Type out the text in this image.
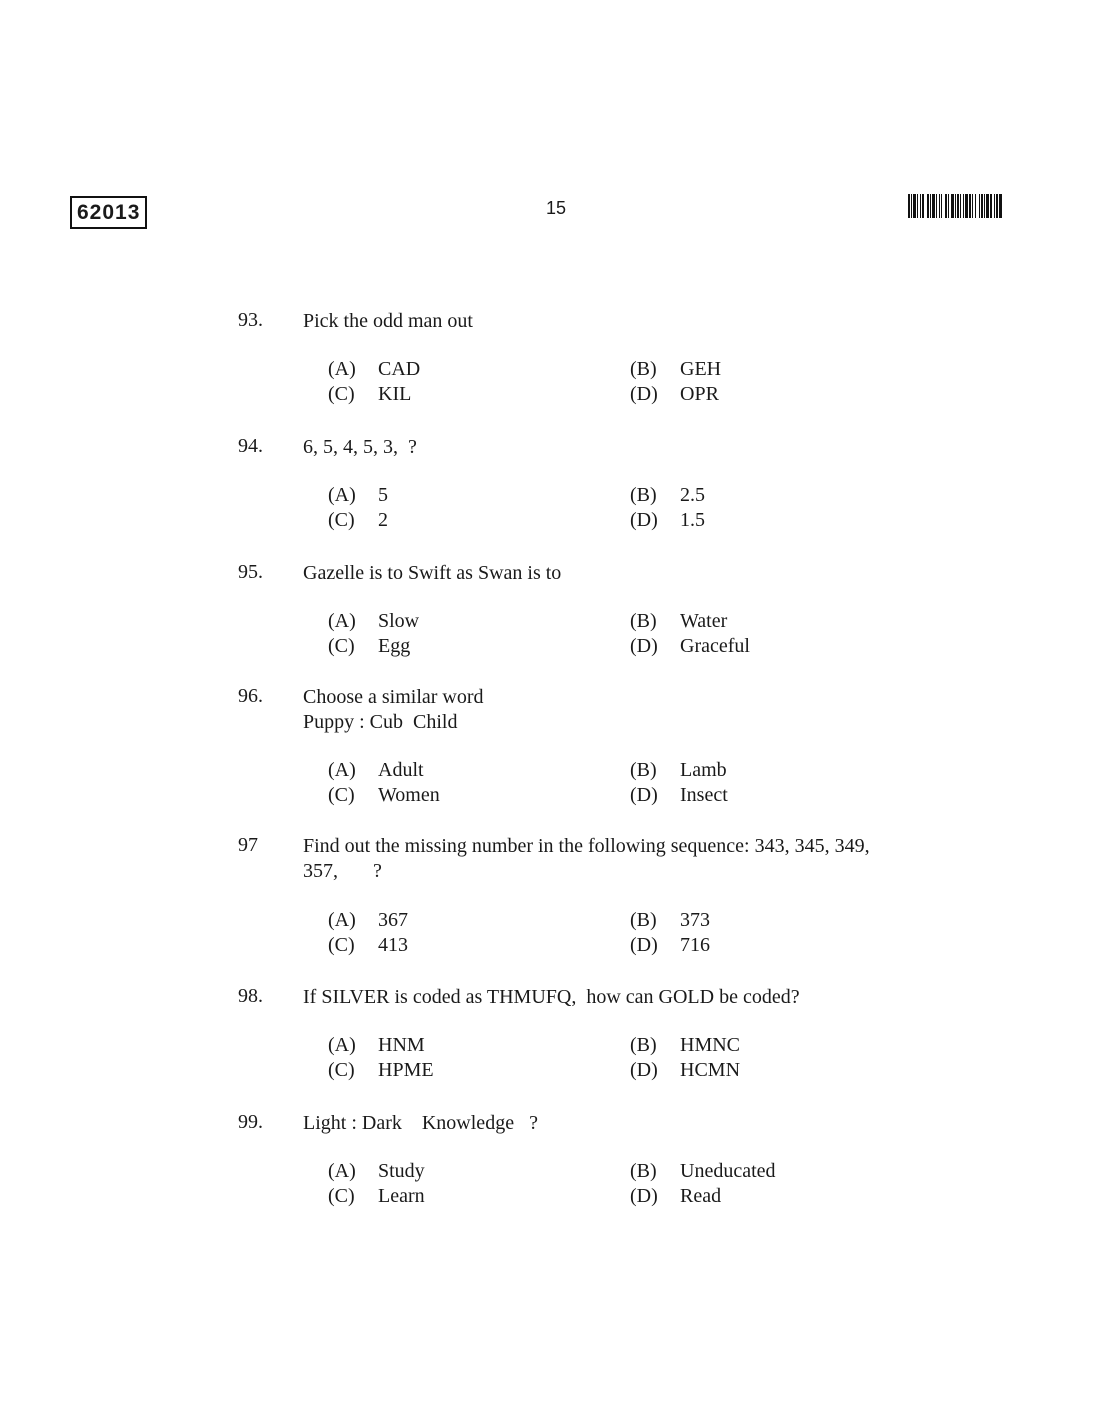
62013	15
93. Pick the odd man out
(A) CAD	(B) GEH
(C) KIL	(D) OPR
94. 6, 5, 4, 5, 3,  ?
(A) 5	(B) 2.5
(C) 2	(D) 1.5
95. Gazelle is to Swift as Swan is to
(A) Slow	(B) Water
(C) Egg	(D) Graceful
96. Choose a similar word
Puppy : Cub  Child
(A) Adult	(B) Lamb
(C) Women	(D) Insect
97 Find out the missing number in the following sequence: 343, 345, 349,
357,       ?
(A) 367	(B) 373
(C) 413	(D) 716
98. If SILVER is coded as THMUFQ,  how can GOLD be coded?
(A) HNM	(B) HMNC
(C) HPME	(D) HCMN
99. Light : Dark    Knowledge   ?
(A) Study	(B) Uneducated
(C) Learn	(D) Read
